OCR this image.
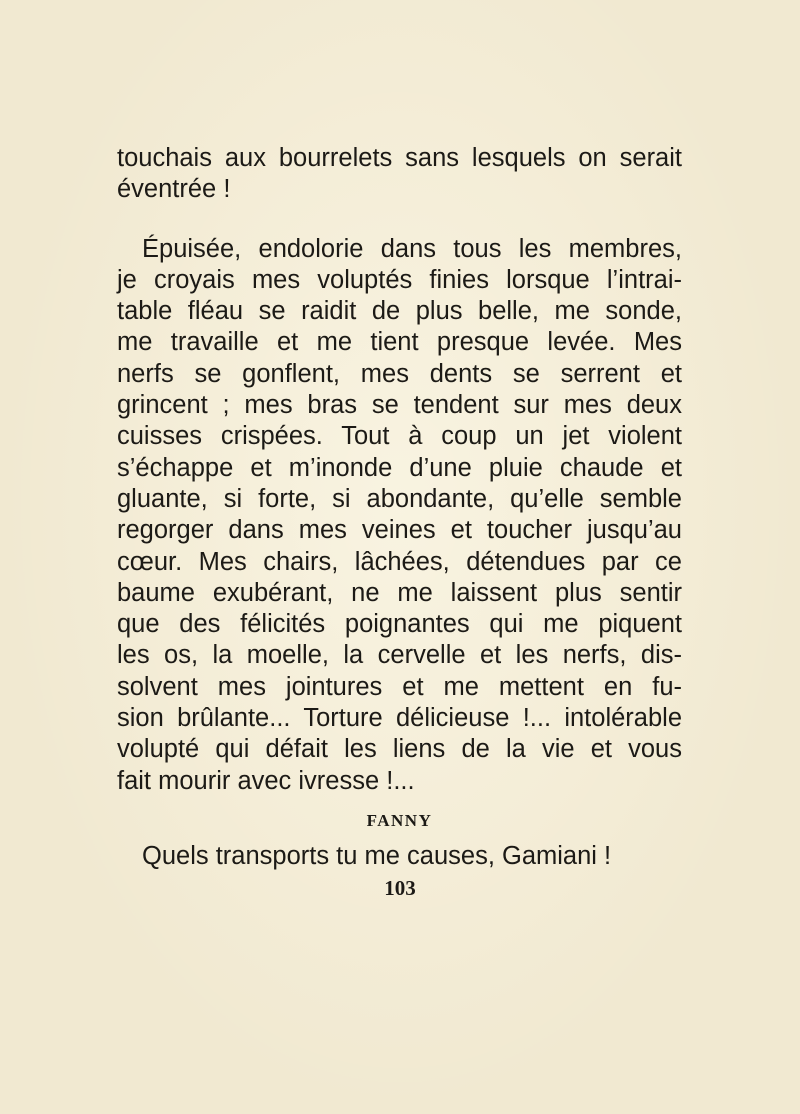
touchais aux bourrelets sans lesquels on serait
éventrée !
Épuisée, endolorie dans tous les membres,
je croyais mes voluptés finies lorsque l’intrai-
table fléau se raidit de plus belle, me sonde,
me travaille et me tient presque levée. Mes
nerfs se gonflent, mes dents se serrent et
grincent ; mes bras se tendent sur mes deux
cuisses crispées. Tout à coup un jet violent
s’échappe et m’inonde d’une pluie chaude et
gluante, si forte, si abondante, qu’elle semble
regorger dans mes veines et toucher jusqu’au
cœur. Mes chairs, lâchées, détendues par ce
baume exubérant, ne me laissent plus sentir
que des félicités poignantes qui me piquent
les os, la moelle, la cervelle et les nerfs, dis-
solvent mes jointures et me mettent en fu-
sion brûlante... Torture délicieuse !... intolérable
volupté qui défait les liens de la vie et vous
fait mourir avec ivresse !...
FANNY
Quels transports tu me causes, Gamiani !
103
